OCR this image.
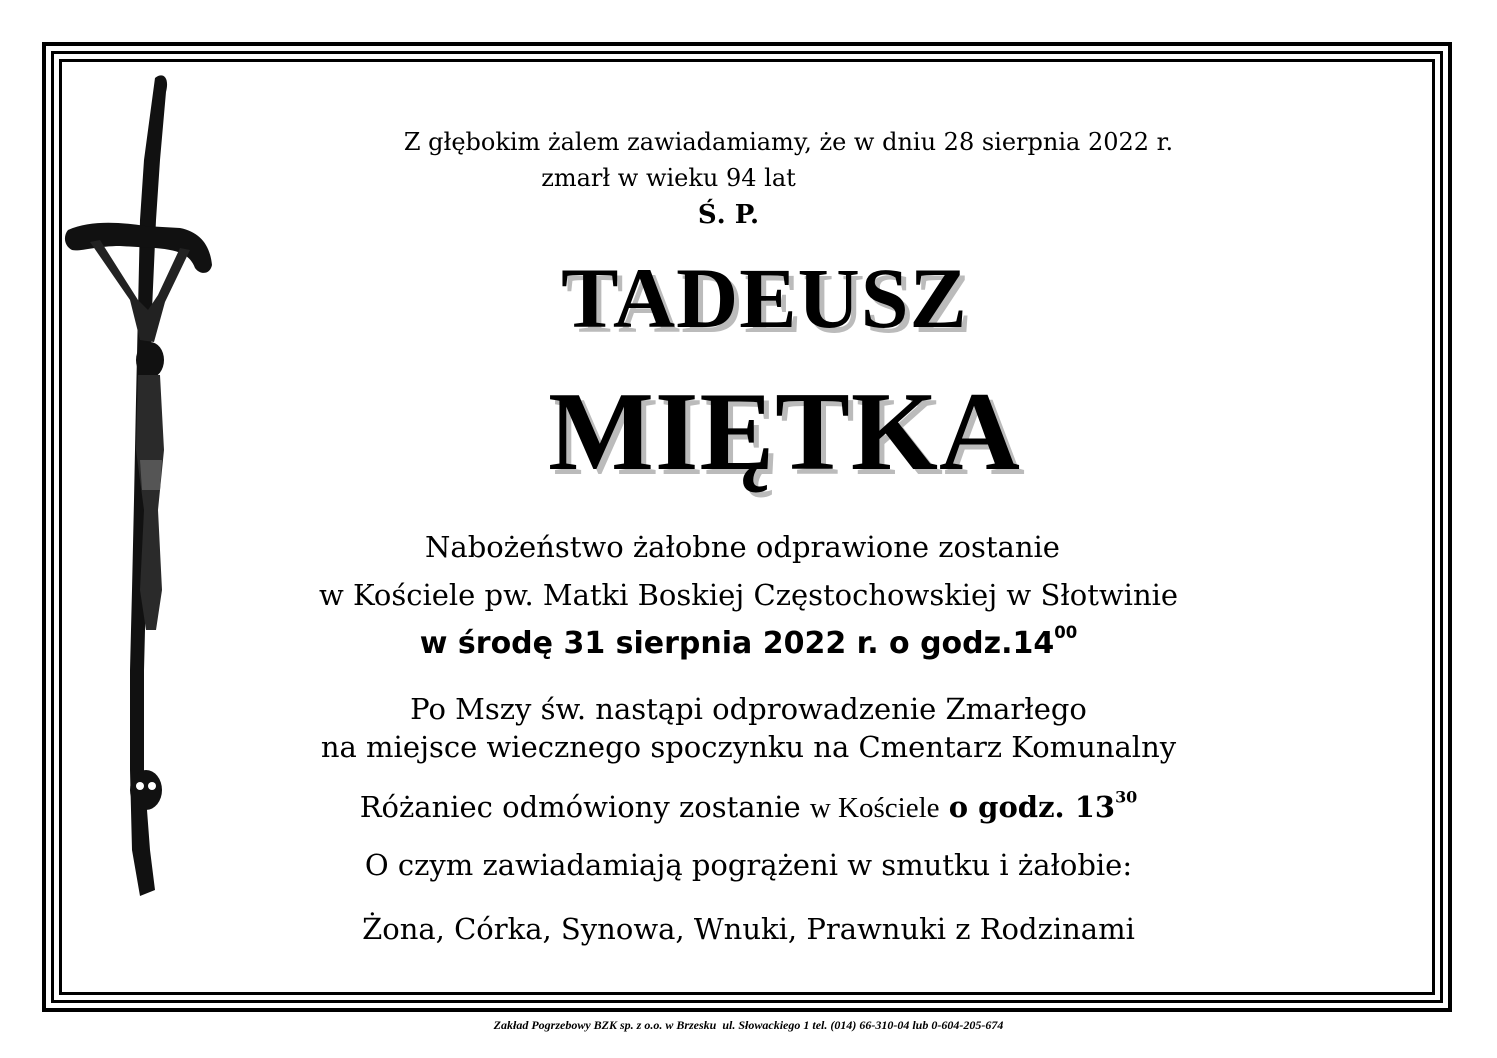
Z głębokim żalem zawiadamiamy, że w dniu 28 sierpnia 2022 r.
zmarł w wieku 94 lat
Ś. P.
TADEUSZ
MIĘTKA
Nabożeństwo żałobne odprawione zostanie
w Kościele pw. Matki Boskiej Częstochowskiej w Słotwinie
w środę 31 sierpnia 2022 r. o $godz.14^{00}$
Po Mszy św. nastąpi odprowadzenie Zmarłego
na miejsce wiecznego spoczynku na Cmentarz Komunalny
Różaniec odmówiony zostanie w Kościele o godz. $13^{30}$
O czym zawiadamiają pogrążeni w smutku i żałobie:
Żona, Córka, Synowa, Wnuki, Prawnuki z Rodzinami
Zakład Pogrzebowy BZK sp. z o.o. w Brzesku  ul. Słowackiego 1 tel. (014) 66-310-04 lub 0-604-205-674
